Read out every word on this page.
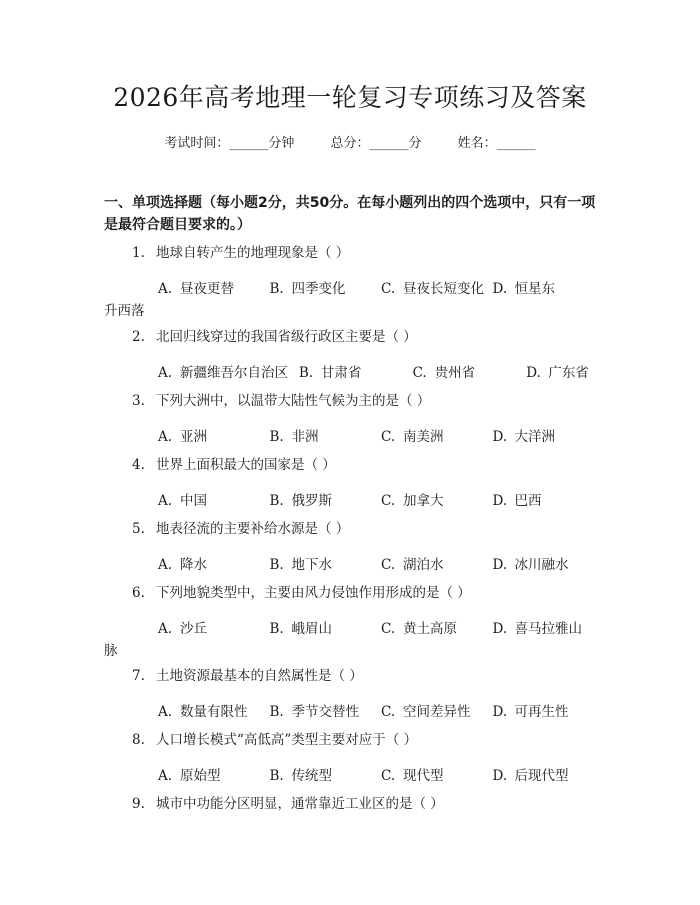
2026年高考地理一轮复习专项练习及答案
考试时间：______分钟	总分：______分	姓名：______
一、单项选择题（每小题2分，共50分。在每小题列出的四个选项中，只有一项是最符合题目要求的。）
1. 地球自转产生的地理现象是（ ）
A. 昼夜更替	B. 四季变化	C. 昼夜长短变化 D. 恒星东
升西落
2. 北回归线穿过的我国省级行政区主要是（ ）
A. 新疆维吾尔自治区 B. 甘肃省	C. 贵州省	D. 广东省
3. 下列大洲中，以温带大陆性气候为主的是（ ）
A. 亚洲	B. 非洲	C. 南美洲	D. 大洋洲
4. 世界上面积最大的国家是（ ）
A. 中国	B. 俄罗斯	C. 加拿大	D. 巴西
5. 地表径流的主要补给水源是（ ）
A. 降水	B. 地下水	C. 湖泊水	D. 冰川融水
6. 下列地貌类型中，主要由风力侵蚀作用形成的是（ ）
A. 沙丘	B. 峨眉山	C. 黄土高原	D. 喜马拉雅山
脉
7. 土地资源最基本的自然属性是（ ）
A. 数量有限性	B. 季节交替性	C. 空间差异性	D. 可再生性
8. 人口增长模式“高低高”类型主要对应于（ ）
A. 原始型	B. 传统型	C. 现代型	D. 后现代型
9. 城市中功能分区明显，通常靠近工业区的是（ ）
